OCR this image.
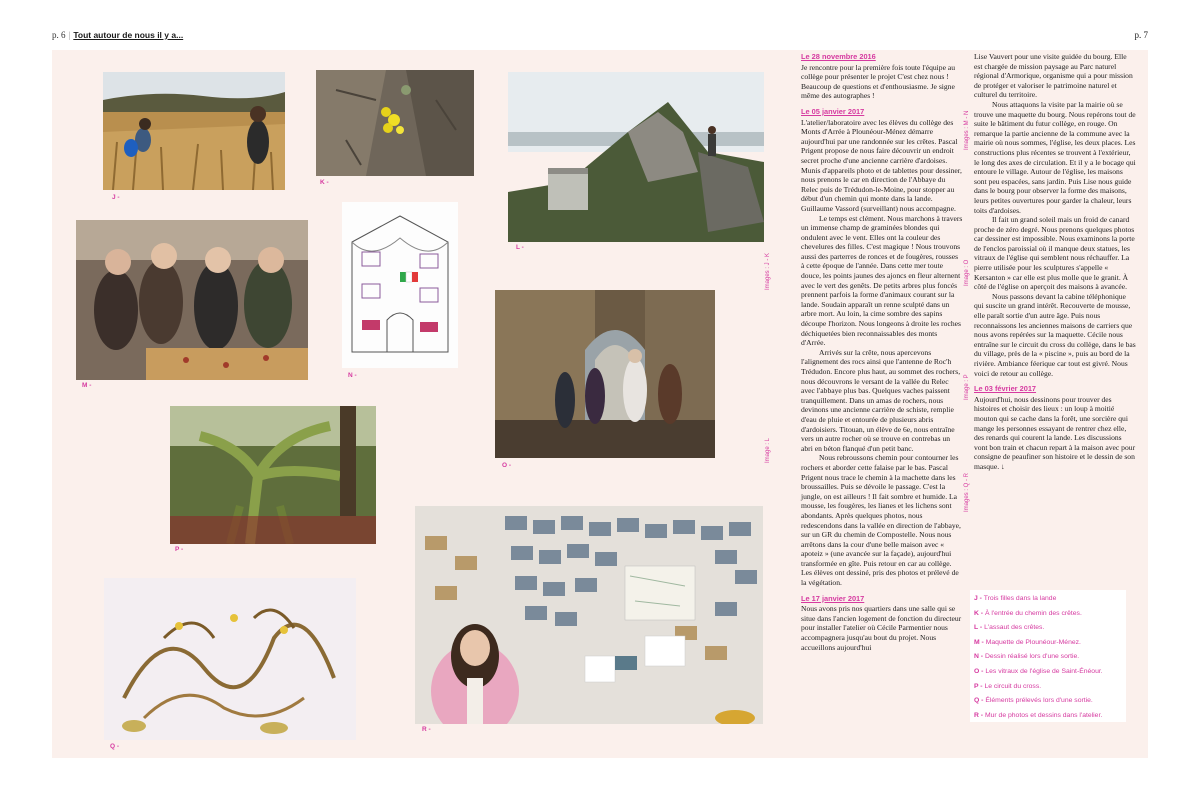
p. 6 | Tout autour de nous il y a...	p. 7
J -
K -
L -
M -
N -
O -
P -
Q -
R -
Images : J - K
Image : L
Images : M - N
Image : O
Image : P
Images : Q - R

Le 28 novembre 2016

Je rencontre pour la première fois toute l'équipe au collège pour présenter le projet C'est chez nous ! Beaucoup de questions et d'enthousiasme. Je signe même des autographes !

Le 05 janvier 2017

L'atelier/laboratoire avec les élèves du collège des Monts d'Arrée à Plounéour-Ménez démarre aujourd'hui par une randonnée sur les crêtes. Pascal Prigent propose de nous faire découvrir un endroit secret proche d'une ancienne carrière d'ardoises. Munis d'appareils photo et de tablettes pour dessiner, nous prenons le car en direction de l'Abbaye du Relec puis de Trédudon-le-Moine, pour stopper au début d'un chemin qui monte dans la lande. Guillaume Vassord (surveillant) nous accompagne.

Le temps est clément. Nous marchons à travers un immense champ de graminées blondes qui ondulent avec le vent. Elles ont la couleur des chevelures des filles. C'est magique ! Nous trouvons aussi des parterres de ronces et de fougères, rousses à cette époque de l'année. Dans cette mer toute douce, les points jaunes des ajoncs en fleur alternent avec le vert des genêts. De petits arbres plus foncés prennent parfois la forme d'animaux courant sur la lande. Soudain apparaît un renne sculpté dans un arbre mort. Au loin, la cime sombre des sapins découpe l'horizon. Nous longeons à droite les roches déchiquetées bien reconnaissables des monts d'Arrée.

Arrivés sur la crête, nous apercevons l'alignement des rocs ainsi que l'antenne de Roc'h Trédudon. Encore plus haut, au sommet des rochers, nous découvrons le versant de la vallée du Relec avec l'abbaye plus bas. Quelques vaches paissent tranquillement. Dans un amas de rochers, nous devinons une ancienne carrière de schiste, remplie d'eau de pluie et entourée de plusieurs abris d'ardoisiers. Titouan, un élève de 6e, nous entraîne vers un autre rocher où se trouve en contrebas un abri en béton flanqué d'un petit banc.

Nous rebroussons chemin pour contourner les rochers et aborder cette falaise par le bas. Pascal Prigent nous trace le chemin à la machette dans les broussailles. Puis se dévoile le passage. C'est la jungle, on est ailleurs ! Il fait sombre et humide. La mousse, les fougères, les lianes et les lichens sont abondants. Après quelques photos, nous redescendons dans la vallée en direction de l'abbaye, sur un GR du chemin de Compostelle. Nous nous arrêtons dans la cour d'une belle maison avec « apoteiz » (une avancée sur la façade), aujourd'hui transformée en gîte. Puis retour en car au collège. Les élèves ont dessiné, pris des photos et prélevé de la végétation.

Le 17 janvier 2017

Nous avons pris nos quartiers dans une salle qui se situe dans l'ancien logement de fonction du directeur pour installer l'atelier où Cécile Parmentier nous accompagnera jusqu'au bout du projet. Nous accueillons aujourd'hui

Lise Vauvert pour une visite guidée du bourg. Elle est chargée de mission paysage au Parc naturel régional d'Armorique, organisme qui a pour mission de protéger et valoriser le patrimoine naturel et culturel du territoire.

Nous attaquons la visite par la mairie où se trouve une maquette du bourg. Nous repérons tout de suite le bâtiment du futur collège, en rouge. On remarque la partie ancienne de la commune avec la mairie où nous sommes, l'église, les deux places. Les constructions plus récentes se trouvent à l'extérieur, le long des axes de circulation. Et il y a le bocage qui entoure le village. Autour de l'église, les maisons sont peu espacées, sans jardin. Puis Lise nous guide dans le bourg pour observer la forme des maisons, leurs petites ouvertures pour garder la chaleur, leurs toits d'ardoises.

Il fait un grand soleil mais un froid de canard proche de zéro degré. Nous prenons quelques photos car dessiner est impossible. Nous examinons la porte de l'enclos paroissial où il manque deux statues, les vitraux de l'église qui semblent nous réchauffer. La pierre utilisée pour les sculptures s'appelle « Kersanton » car elle est plus molle que le granit. À côté de l'église on aperçoit des maisons à avancée.

Nous passons devant la cabine téléphonique qui suscite un grand intérêt. Recouverte de mousse, elle paraît sortie d'un autre âge. Puis nous reconnaissons les anciennes maisons de carriers que nous avons repérées sur la maquette. Cécile nous entraîne sur le circuit du cross du collège, dans le bas du village, près de la « piscine », puis au bord de la rivière. Ambiance féerique car tout est givré. Nous voici de retour au collège.

Le 03 février 2017

Aujourd'hui, nous dessinons pour trouver des histoires et choisir des lieux : un loup à moitié mouton qui se cache dans la forêt, une sorcière qui mange les personnes essayant de rentrer chez elle, des renards qui courent la lande. Les discussions vont bon train et chacun repart à la maison avec pour consigne de peaufiner son histoire et le dessin de son masque. ↓

J - Trois filles dans la lande
K - À l'entrée du chemin des crêtes.
L - L'assaut des crêtes.
M - Maquette de Plounéour-Ménez.
N - Dessin réalisé lors d'une sortie.
O - Les vitraux de l'église de Saint-Énéour.
P - Le circuit du cross.
Q - Éléments prélevés lors d'une sortie.
R - Mur de photos et dessins dans l'atelier.
